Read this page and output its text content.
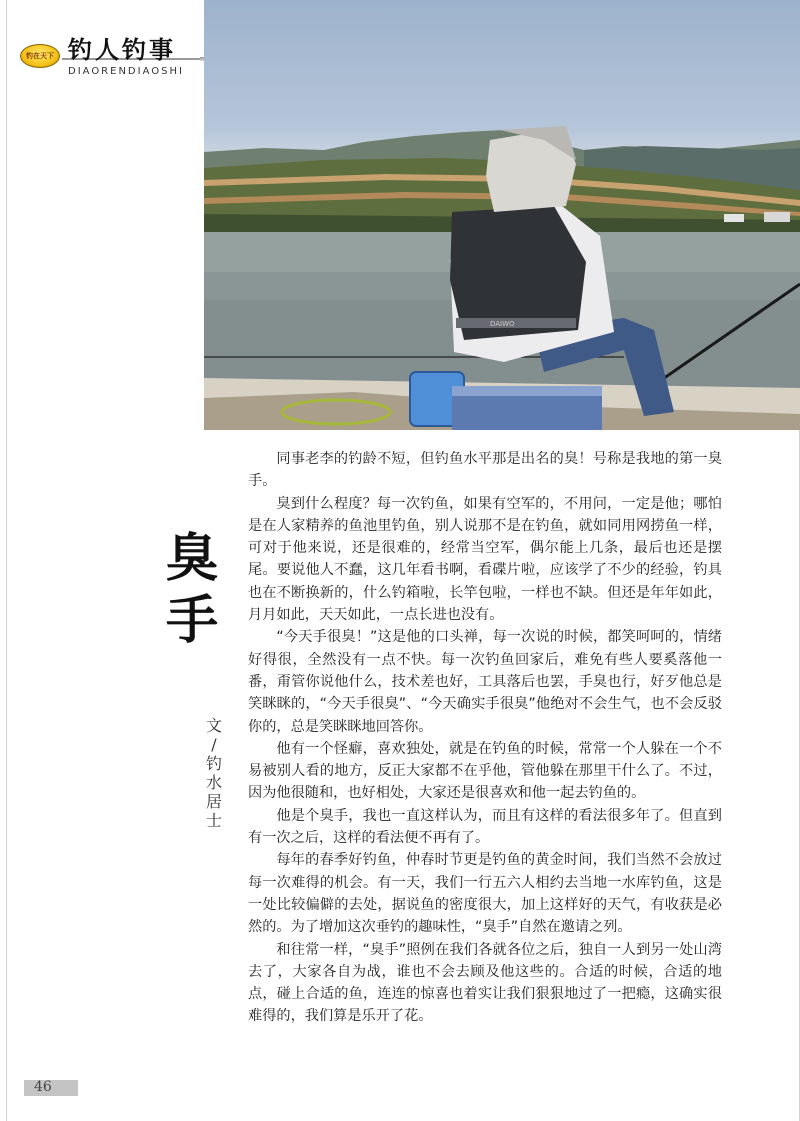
钓在天下 钓人钓事
DIAORENDIAOSHI
DAIWO
臭
手
文
/
钓
水
居
士

同事老李的钓龄不短，但钓鱼水平那是出名的臭！号称是我地的第一臭手。

臭到什么程度？每一次钓鱼，如果有空军的，不用问，一定是他；哪怕是在人家精养的鱼池里钓鱼，别人说那不是在钓鱼，就如同用网捞鱼一样，可对于他来说，还是很难的，经常当空军，偶尔能上几条，最后也还是摆尾。要说他人不蠢，这几年看书啊，看碟片啦，应该学了不少的经验，钓具也在不断换新的，什么钓箱啦，长竿包啦，一样也不缺。但还是年年如此，月月如此，天天如此，一点长进也没有。

“今天手很臭！”这是他的口头禅，每一次说的时候，都笑呵呵的，情绪好得很，全然没有一点不快。每一次钓鱼回家后，难免有些人要奚落他一番，甭管你说他什么，技术差也好，工具落后也罢，手臭也行，好歹他总是笑眯眯的，“今天手很臭”、“今天确实手很臭”他绝对不会生气，也不会反驳你的，总是笑眯眯地回答你。

他有一个怪癖，喜欢独处，就是在钓鱼的时候，常常一个人躲在一个不易被别人看的地方，反正大家都不在乎他，管他躲在那里干什么了。不过，因为他很随和，也好相处，大家还是很喜欢和他一起去钓鱼的。

他是个臭手，我也一直这样认为，而且有这样的看法很多年了。但直到有一次之后，这样的看法便不再有了。

每年的春季好钓鱼，仲春时节更是钓鱼的黄金时间，我们当然不会放过每一次难得的机会。有一天，我们一行五六人相约去当地一水库钓鱼，这是一处比较偏僻的去处，据说鱼的密度很大，加上这样好的天气，有收获是必然的。为了增加这次垂钓的趣味性，“臭手”自然在邀请之列。

和往常一样，“臭手”照例在我们各就各位之后，独自一人到另一处山湾去了，大家各自为战，谁也不会去顾及他这些的。合适的时候，合适的地点，碰上合适的鱼，连连的惊喜也着实让我们狠狠地过了一把瘾，这确实很难得的，我们算是乐开了花。

46
